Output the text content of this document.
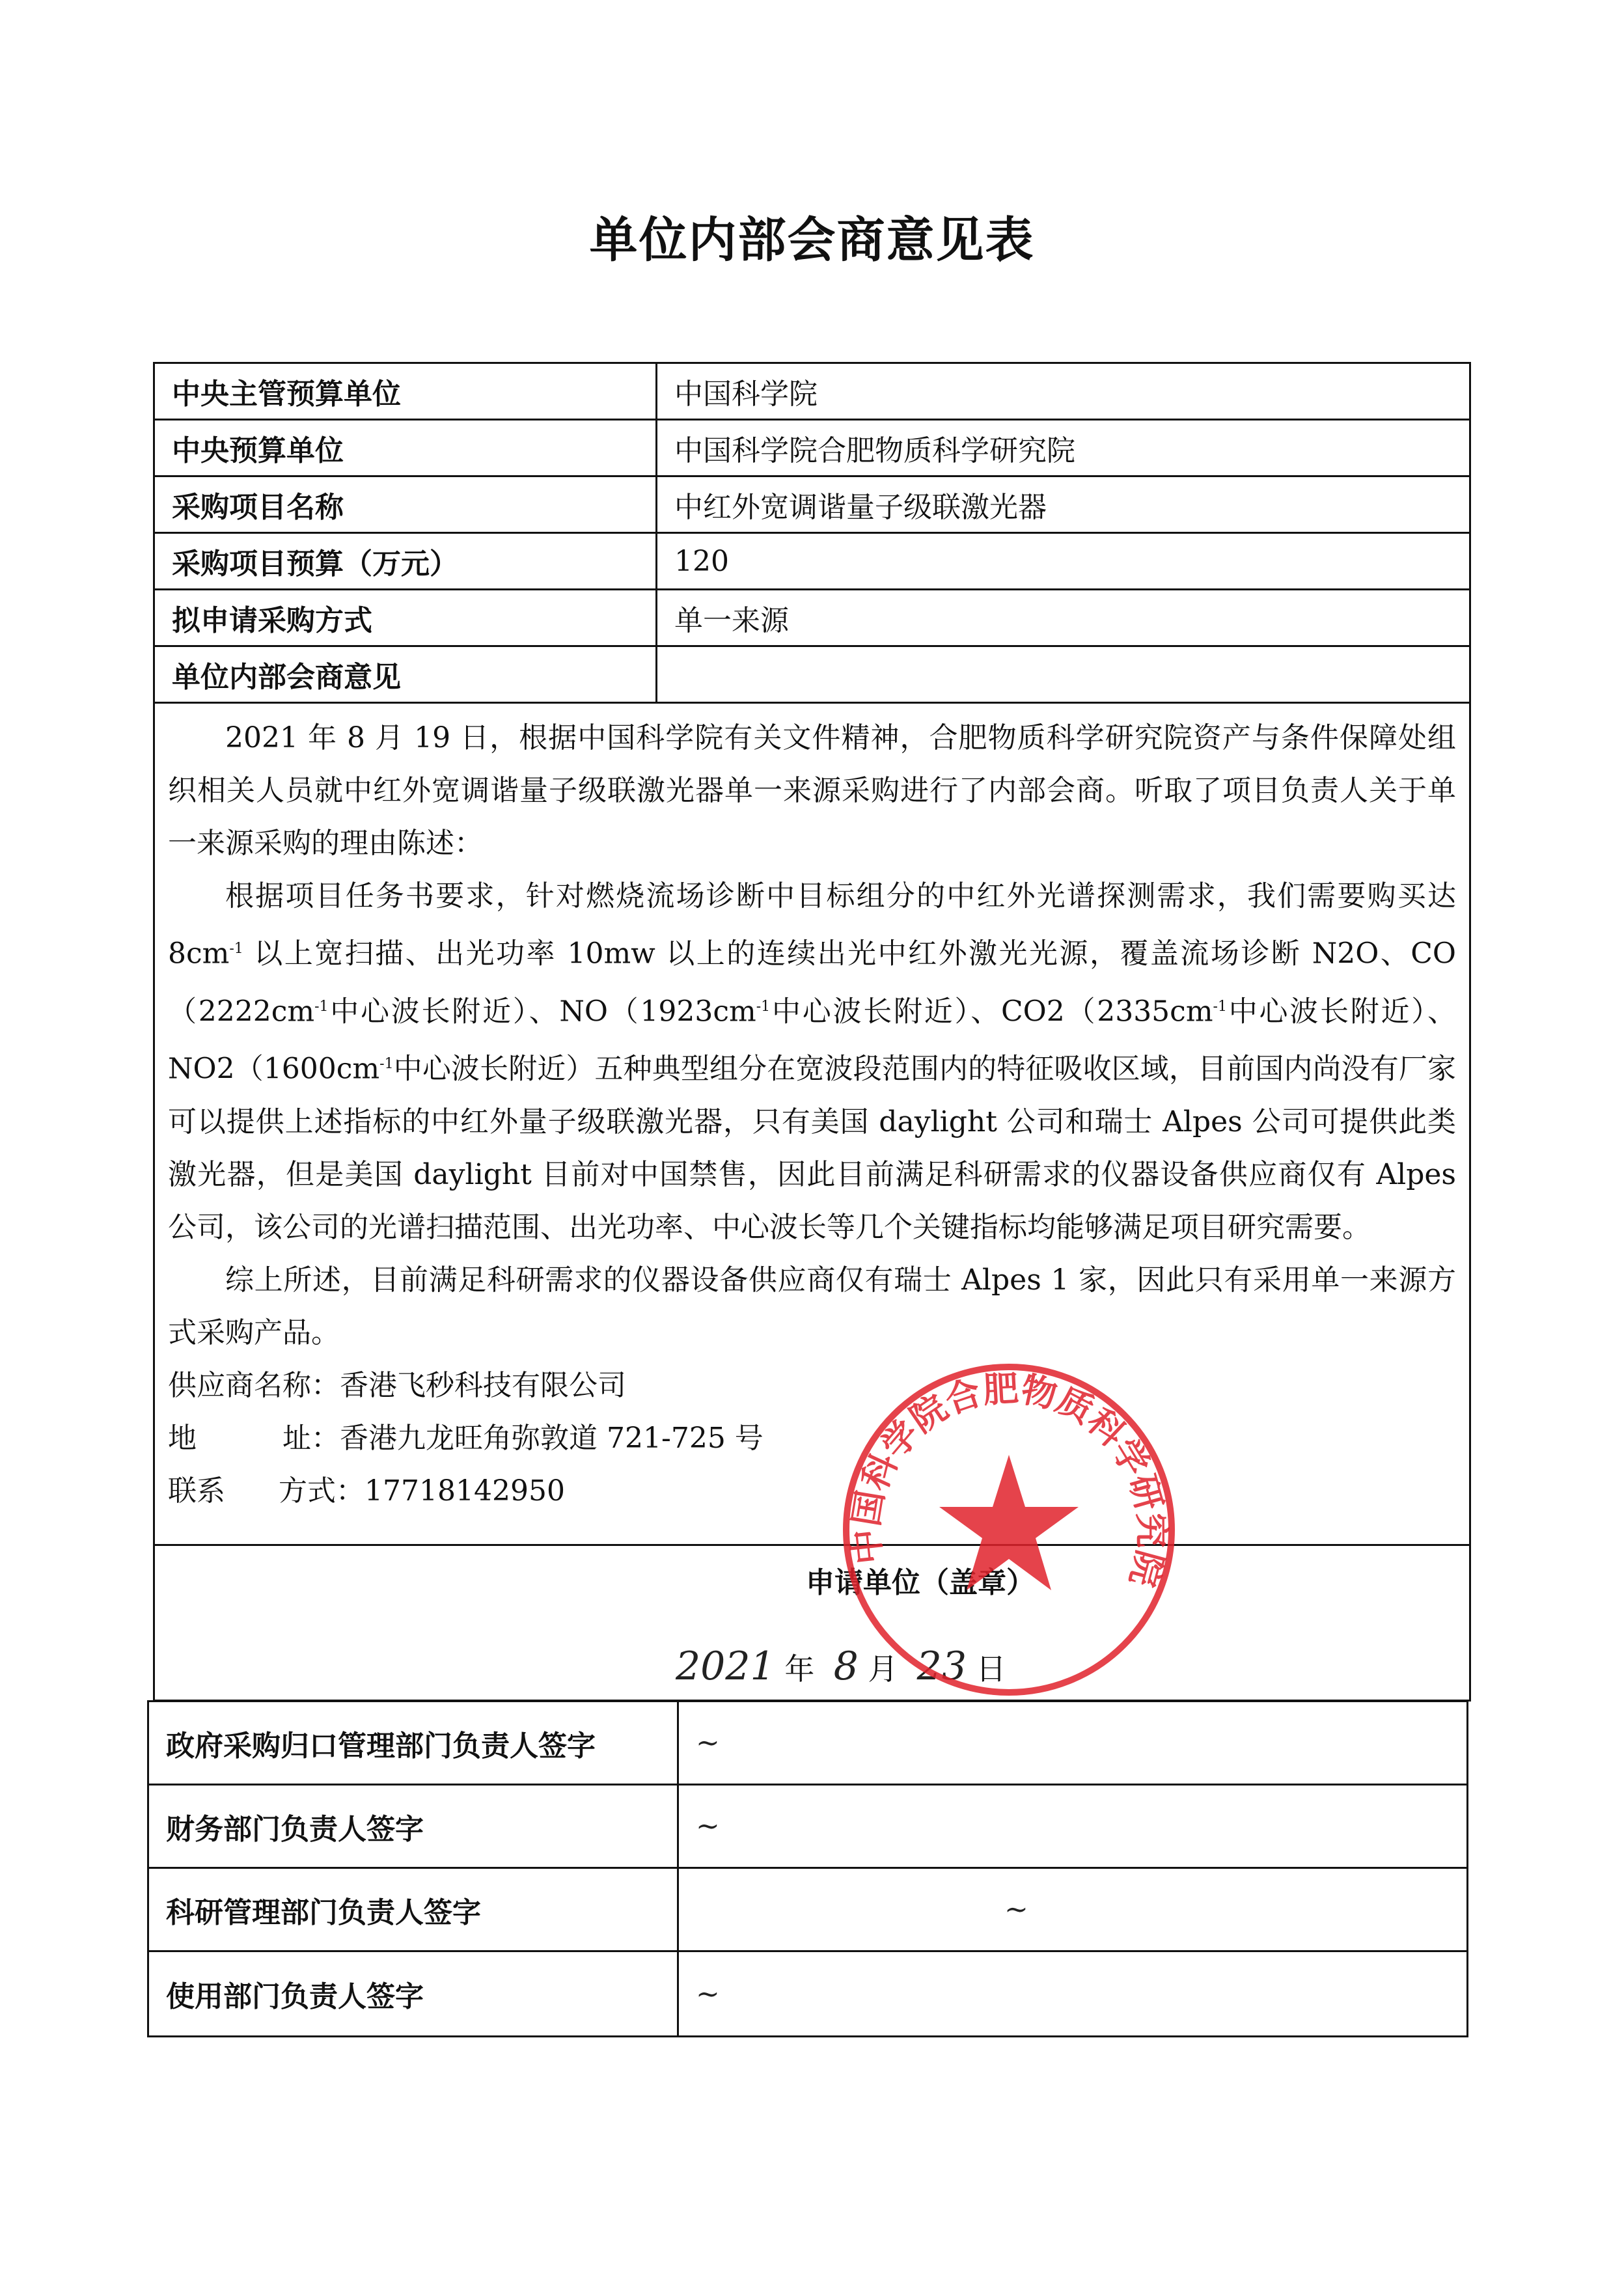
单位内部会商意见表
中央主管预算单位	中国科学院
中央预算单位	中国科学院合肥物质科学研究院
采购项目名称	中红外宽调谐量子级联激光器
采购项目预算（万元）	120
拟申请采购方式	单一来源
单位内部会商意见

2021 年 8 月 19 日，根据中国科学院有关文件精神，合肥物质科学研究院资产与条件保障处组织相关人员就中红外宽调谐量子级联激光器单一来源采购进行了内部会商。听取了项目负责人关于单一来源采购的理由陈述：

根据项目任务书要求，针对燃烧流场诊断中目标组分的中红外光谱探测需求，我们需要购买达 $8cm^{-1}$ 以上宽扫描、出光功率 10mw 以上的连续出光中红外激光光源，覆盖流场诊断 N2O、$CO(2222cm^{-1}$中心波长附近）、$NO(1923cm^{-1}$中心波长附近）、$CO2(2335cm^{-1}$中心波长附近）、$NO2(1600cm^{-1}$中心波长附近）五种典型组分在宽波段范围内的特征吸收区域，目前国内尚没有厂家可以提供上述指标的中红外量子级联激光器，只有美国 daylight 公司和瑞士 Alpes 公司可提供此类激光器，但是美国 daylight 目前对中国禁售，因此目前满足科研需求的仪器设备供应商仅有 Alpes 公司，该公司的光谱扫描范围、出光功率、中心波长等几个关键指标均能够满足项目研究需要。

综上所述，目前满足科研需求的仪器设备供应商仅有瑞士 Alpes 1 家，因此只有采用单一来源方式采购产品。

供应商名称：香港飞秒科技有限公司
地	址：香港九龙旺角弥敦道 721-725 号
联系 方式：17718142950
申请单位（盖章）
2021 年 8 月 23 日
政府采购归口管理部门负责人签字	~
财务部门负责人签字	~
科研管理部门负责人签字	~
使用部门负责人签字	~
中国科学院合肥物质科学研究院
